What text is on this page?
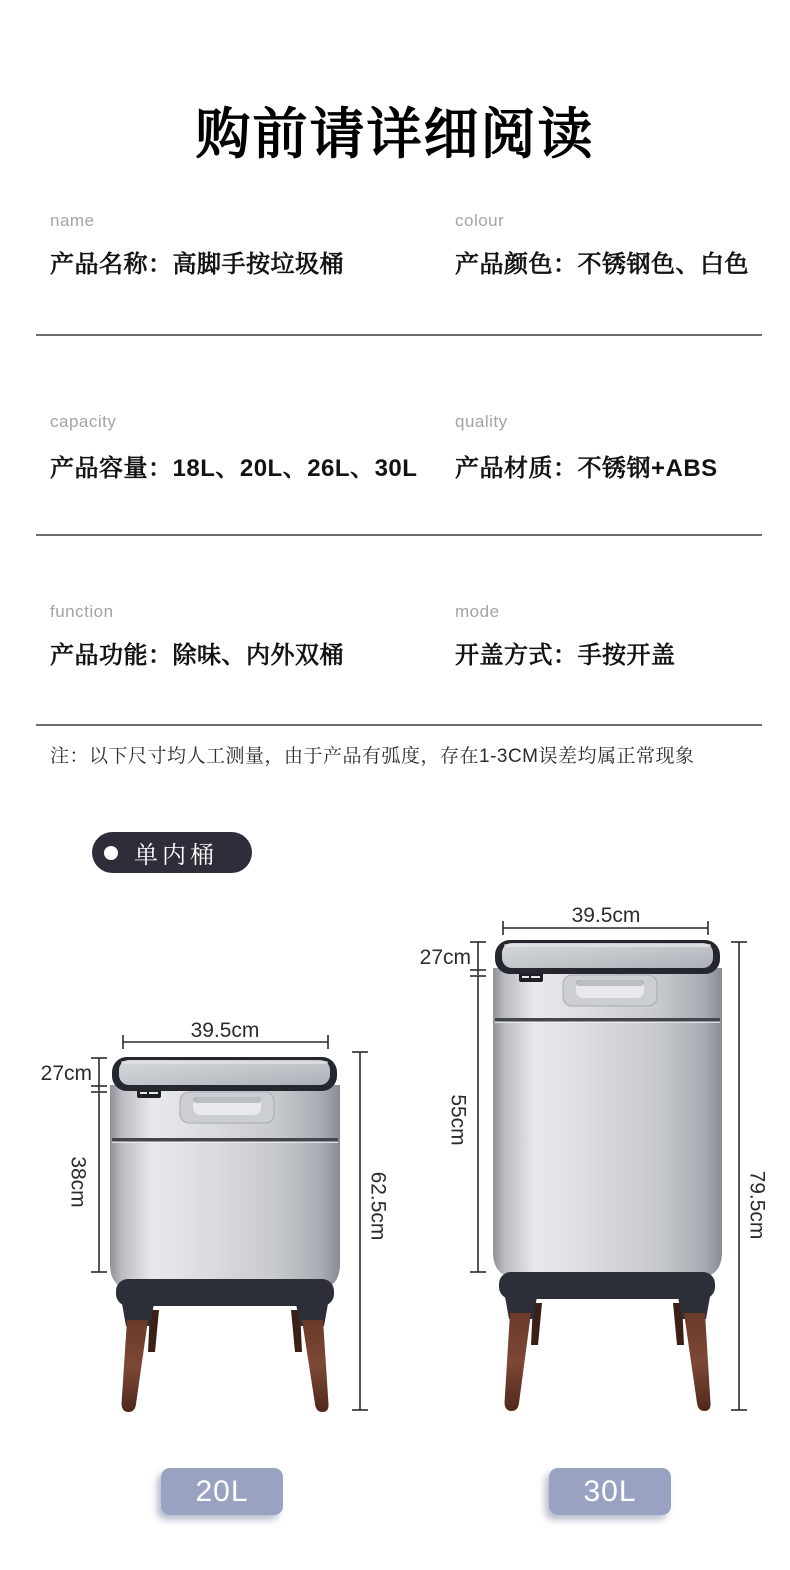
购前请详细阅读
name
产品名称：高脚手按垃圾桶
colour
产品颜色：不锈钢色、白色
capacity
产品容量：18L、20L、26L、30L
quality
产品材质：不锈钢+ABS
function
产品功能：除味、内外双桶
mode
开盖方式：手按开盖

注：以下尺寸均人工测量，由于产品有弧度，存在1-3CM误差均属正常现象

单内桶
39.5cm
27cm
38cm	62.5cm
39.5cm
27cm
55cm
79.5cm
20L	30L
